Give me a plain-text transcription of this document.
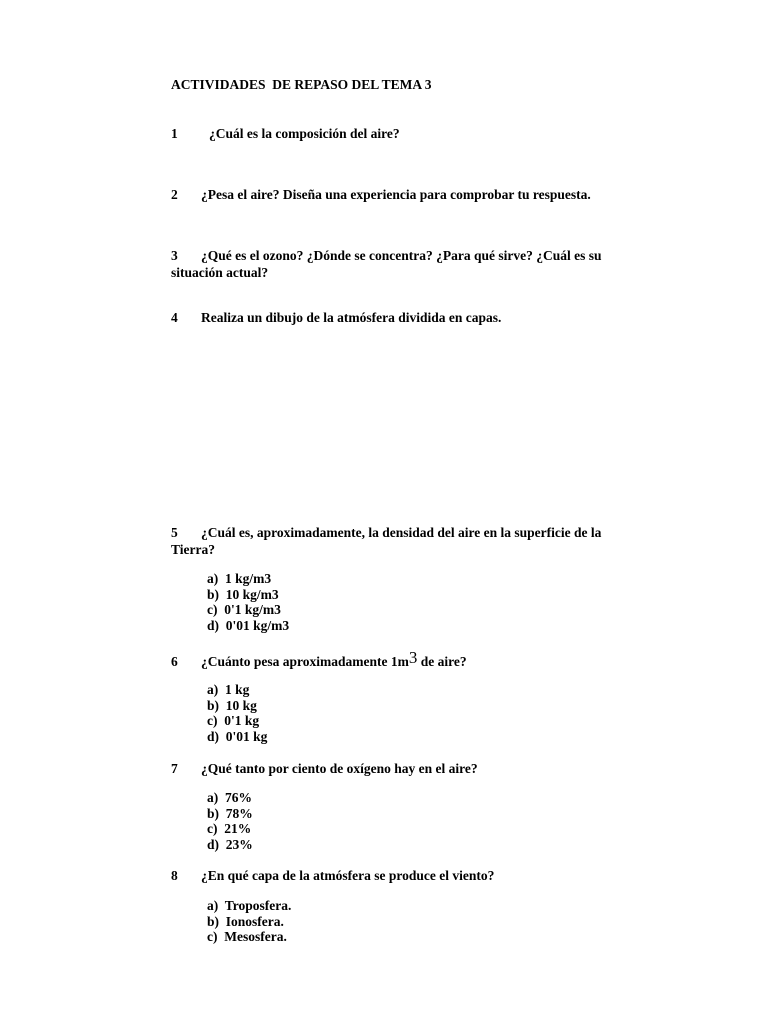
ACTIVIDADES  DE REPASO DEL TEMA 3
1 ¿Cuál es la composición del aire?
2 ¿Pesa el aire? Diseña una experiencia para comprobar tu respuesta.
3 ¿Qué es el ozono? ¿Dónde se concentra? ¿Para qué sirve? ¿Cuál es su situación actual?
4 Realiza un dibujo de la atmósfera dividida en capas.
5 ¿Cuál es, aproximadamente, la densidad del aire en la superficie de la Tierra?
a)  1 kg/m3
b)  10 kg/m3
c)  0'1 kg/m3
d)  0'01 kg/m3
6 ¿Cuánto pesa aproximadamente 1m3 de aire?
a)  1 kg
b)  10 kg
c)  0'1 kg
d)  0'01 kg
7 ¿Qué tanto por ciento de oxígeno hay en el aire?
a)  76%
b)  78%
c)  21%
d)  23%
8 ¿En qué capa de la atmósfera se produce el viento?
a)  Troposfera.
b)  Ionosfera.
c)  Mesosfera.
